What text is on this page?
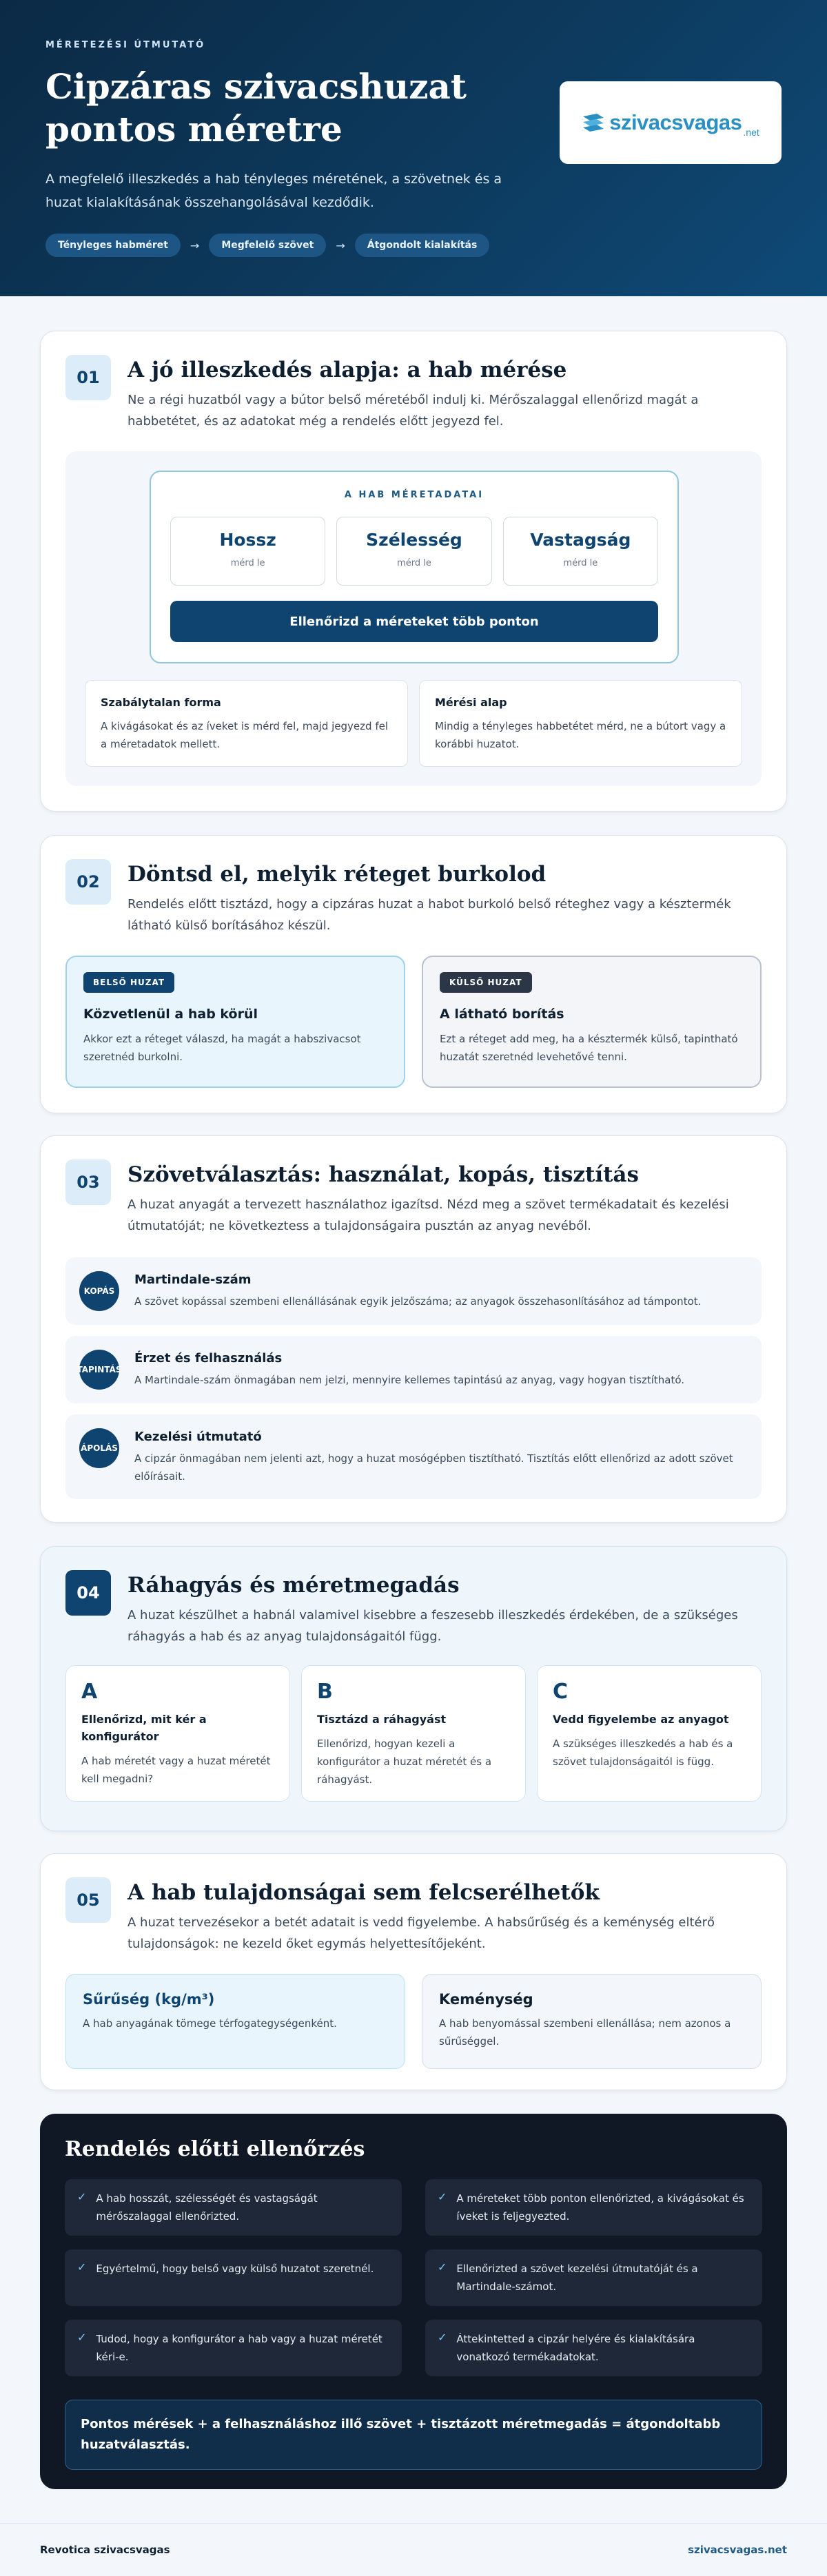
MÉRETEZÉSI ÚTMUTATÓ
Cipzáras szivacshuzat pontos méretre

A megfelelő illeszkedés a hab tényleges méretének, a szövetnek és a huzat kialakításának összehangolásával kezdődik.

Tényleges habméret	→	Megfelelő szövet	→	Átgondolt kialakítás
szivacsvagas .net
01	A jó illeszkedés alapja: a hab mérése
Ne a régi huzatból vagy a bútor belső méretéből indulj ki. Mérőszalaggal ellenőrizd magát a habbetétet, és az adatokat még a rendelés előtt jegyezd fel.
A HAB MÉRETADATAI
Hossz
mérd le
Szélesség
mérd le
Vastagság
mérd le
Ellenőrizd a méreteket több ponton
Szabálytalan forma
A kivágásokat és az íveket is mérd fel, majd jegyezd fel a méretadatok mellett.
Mérési alap
Mindig a tényleges habbetétet mérd, ne a bútort vagy a korábbi huzatot.
02	Döntsd el, melyik réteget burkolod
Rendelés előtt tisztázd, hogy a cipzáras huzat a habot burkoló belső réteghez vagy a késztermék látható külső borításához készül.
BELSŐ HUZAT
Közvetlenül a hab körül
Akkor ezt a réteget válaszd, ha magát a habszivacsot szeretnéd burkolni.
KÜLSŐ HUZAT
A látható borítás
Ezt a réteget add meg, ha a késztermék külső, tapintható huzatát szeretnéd levehetővé tenni.
03	Szövetválasztás: használat, kopás, tisztítás
A huzat anyagát a tervezett használathoz igazítsd. Nézd meg a szövet termékadatait és kezelési útmutatóját; ne következtess a tulajdonságaira pusztán az anyag nevéből.
KOPÁS
Martindale-szám
A szövet kopással szembeni ellenállásának egyik jelzőszáma; az anyagok összehasonlításához ad támpontot.
TAPINTÁS
Érzet és felhasználás
A Martindale-szám önmagában nem jelzi, mennyire kellemes tapintású az anyag, vagy hogyan tisztítható.
ÁPOLÁS
Kezelési útmutató
A cipzár önmagában nem jelenti azt, hogy a huzat mosógépben tisztítható. Tisztítás előtt ellenőrizd az adott szövet előírásait.
04	Ráhagyás és méretmegadás
A huzat készülhet a habnál valamivel kisebbre a feszesebb illeszkedés érdekében, de a szükséges ráhagyás a hab és az anyag tulajdonságaitól függ.
A
Ellenőrizd, mit kér a konfigurátor
A hab méretét vagy a huzat méretét kell megadni?
B
Tisztázd a ráhagyást
Ellenőrizd, hogyan kezeli a konfigurátor a huzat méretét és a ráhagyást.
C
Vedd figyelembe az anyagot
A szükséges illeszkedés a hab és a szövet tulajdonságaitól is függ.
05	A hab tulajdonságai sem felcserélhetők
A huzat tervezésekor a betét adatait is vedd figyelembe. A habsűrűség és a keménység eltérő tulajdonságok: ne kezeld őket egymás helyettesítőjeként.
Sűrűség (kg/m³)
A hab anyagának tömege térfogategységenként.
Keménység
A hab benyomással szembeni ellenállása; nem azonos a sűrűséggel.
Rendelés előtti ellenőrzés
✓ A hab hosszát, szélességét és vastagságát mérőszalaggal ellenőrizted.
✓ A méreteket több ponton ellenőrizted, a kivágásokat és íveket is feljegyezted.
✓ Egyértelmű, hogy belső vagy külső huzatot szeretnél.	✓ Ellenőrizted a szövet kezelési útmutatóját és a Martindale-számot.
✓ Tudod, hogy a konfigurátor a hab vagy a huzat méretét kéri-e.
✓ Áttekintetted a cipzár helyére és kialakítására vonatkozó termékadatokat.
Pontos mérések + a felhasználáshoz illő szövet + tisztázott méretmegadás = átgondoltabb huzatválasztás.
Revotica szivacsvagas	szivacsvagas.net
